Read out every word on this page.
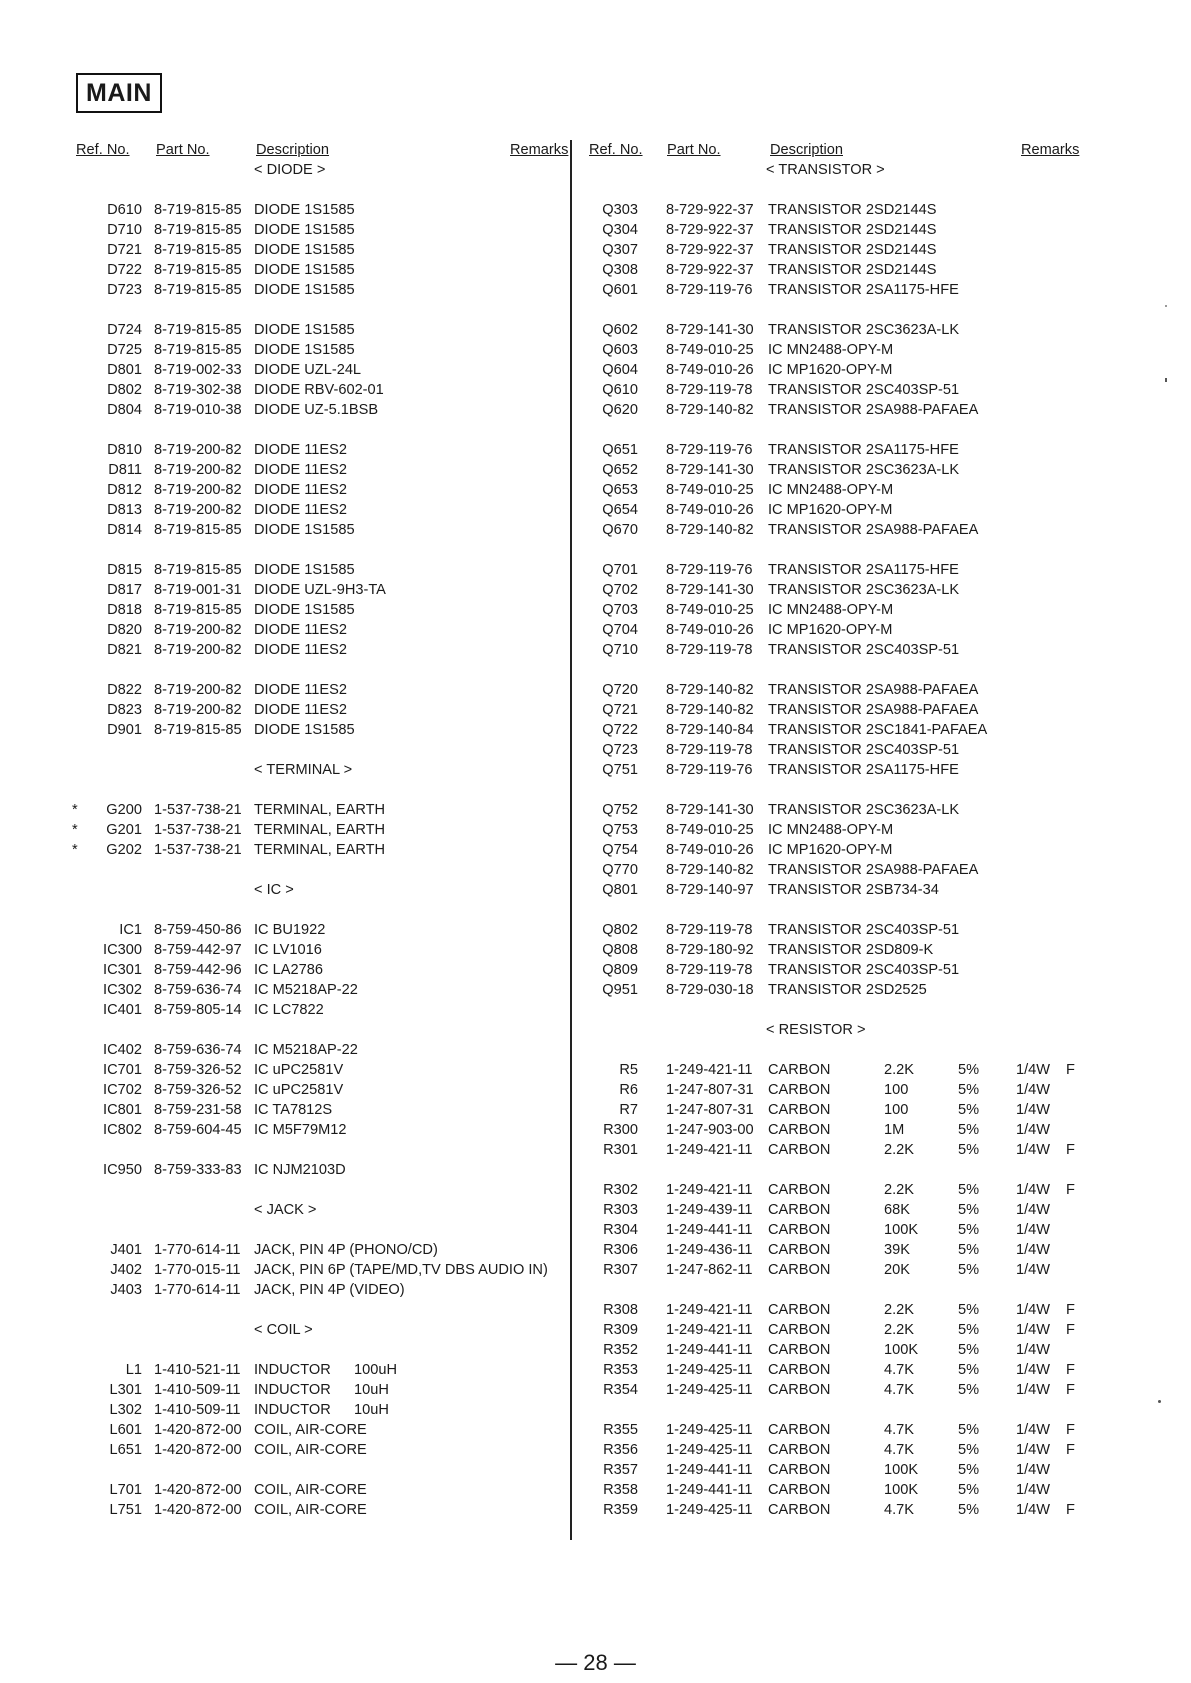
MAIN
Ref. No. Part No.	Description	Remarks
< DIODE >
D610 8-719-815-85 DIODE 1S1585
D710 8-719-815-85 DIODE 1S1585
D721 8-719-815-85 DIODE 1S1585
D722 8-719-815-85 DIODE 1S1585
D723 8-719-815-85 DIODE 1S1585
D724 8-719-815-85 DIODE 1S1585
D725 8-719-815-85 DIODE 1S1585
D801 8-719-002-33 DIODE UZL-24L
D802 8-719-302-38 DIODE RBV-602-01
D804 8-719-010-38 DIODE UZ-5.1BSB
D810 8-719-200-82 DIODE 11ES2
D811 8-719-200-82 DIODE 11ES2
D812 8-719-200-82 DIODE 11ES2
D813 8-719-200-82 DIODE 11ES2
D814 8-719-815-85 DIODE 1S1585
D815 8-719-815-85 DIODE 1S1585
D817 8-719-001-31 DIODE UZL-9H3-TA
D818 8-719-815-85 DIODE 1S1585
D820 8-719-200-82 DIODE 11ES2
D821 8-719-200-82 DIODE 11ES2
D822 8-719-200-82 DIODE 11ES2
D823 8-719-200-82 DIODE 11ES2
D901 8-719-815-85 DIODE 1S1585
< TERMINAL >
*	G200 1-537-738-21 TERMINAL, EARTH
*	G201 1-537-738-21 TERMINAL, EARTH
*	G202 1-537-738-21 TERMINAL, EARTH
< IC >
IC1 8-759-450-86 IC BU1922
IC300 8-759-442-97 IC LV1016
IC301 8-759-442-96 IC LA2786
IC302 8-759-636-74 IC M5218AP-22
IC401 8-759-805-14 IC LC7822
IC402 8-759-636-74 IC M5218AP-22
IC701 8-759-326-52 IC uPC2581V
IC702 8-759-326-52 IC uPC2581V
IC801 8-759-231-58 IC TA7812S
IC802 8-759-604-45 IC M5F79M12
IC950 8-759-333-83 IC NJM2103D
< JACK >
J401 1-770-614-11 JACK, PIN 4P (PHONO/CD)
J402 1-770-015-11 JACK, PIN 6P (TAPE/MD,TV DBS AUDIO IN)
J403 1-770-614-11 JACK, PIN 4P (VIDEO)
< COIL >
L1 1-410-521-11 INDUCTOR 100uH
L301 1-410-509-11 INDUCTOR 10uH
L302 1-410-509-11 INDUCTOR 10uH
L601 1-420-872-00 COIL, AIR-CORE
L651 1-420-872-00 COIL, AIR-CORE
L701 1-420-872-00 COIL, AIR-CORE
L751 1-420-872-00 COIL, AIR-CORE
Ref. No. Part No.	Description	Remarks
< TRANSISTOR >
Q303 8-729-922-37 TRANSISTOR 2SD2144S
Q304 8-729-922-37 TRANSISTOR 2SD2144S
Q307 8-729-922-37 TRANSISTOR 2SD2144S
Q308 8-729-922-37 TRANSISTOR 2SD2144S
Q601 8-729-119-76 TRANSISTOR 2SA1175-HFE
Q602 8-729-141-30 TRANSISTOR 2SC3623A-LK
Q603 8-749-010-25 IC MN2488-OPY-M
Q604 8-749-010-26 IC MP1620-OPY-M
Q610 8-729-119-78 TRANSISTOR 2SC403SP-51
Q620 8-729-140-82 TRANSISTOR 2SA988-PAFAEA
Q651 8-729-119-76 TRANSISTOR 2SA1175-HFE
Q652 8-729-141-30 TRANSISTOR 2SC3623A-LK
Q653 8-749-010-25 IC MN2488-OPY-M
Q654 8-749-010-26 IC MP1620-OPY-M
Q670 8-729-140-82 TRANSISTOR 2SA988-PAFAEA
Q701 8-729-119-76 TRANSISTOR 2SA1175-HFE
Q702 8-729-141-30 TRANSISTOR 2SC3623A-LK
Q703 8-749-010-25 IC MN2488-OPY-M
Q704 8-749-010-26 IC MP1620-OPY-M
Q710 8-729-119-78 TRANSISTOR 2SC403SP-51
Q720 8-729-140-82 TRANSISTOR 2SA988-PAFAEA
Q721 8-729-140-82 TRANSISTOR 2SA988-PAFAEA
Q722 8-729-140-84 TRANSISTOR 2SC1841-PAFAEA
Q723 8-729-119-78 TRANSISTOR 2SC403SP-51
Q751 8-729-119-76 TRANSISTOR 2SA1175-HFE
Q752 8-729-141-30 TRANSISTOR 2SC3623A-LK
Q753 8-749-010-25 IC MN2488-OPY-M
Q754 8-749-010-26 IC MP1620-OPY-M
Q770 8-729-140-82 TRANSISTOR 2SA988-PAFAEA
Q801 8-729-140-97 TRANSISTOR 2SB734-34
Q802 8-729-119-78 TRANSISTOR 2SC403SP-51
Q808 8-729-180-92 TRANSISTOR 2SD809-K
Q809 8-729-119-78 TRANSISTOR 2SC403SP-51
Q951 8-729-030-18 TRANSISTOR 2SD2525
< RESISTOR >
R5 1-249-421-11 CARBON	2.2K	5%	1/4W F
R6 1-247-807-31 CARBON	100	5%	1/4W
R7 1-247-807-31 CARBON	100	5%	1/4W
R300 1-247-903-00 CARBON	1M	5%	1/4W
R301 1-249-421-11 CARBON	2.2K	5%	1/4W F
R302 1-249-421-11 CARBON	2.2K	5%	1/4W F
R303 1-249-439-11 CARBON	68K	5%	1/4W
R304 1-249-441-11 CARBON	100K	5%	1/4W
R306 1-249-436-11 CARBON	39K	5%	1/4W
R307 1-247-862-11 CARBON	20K	5%	1/4W
R308 1-249-421-11 CARBON	2.2K	5%	1/4W F
R309 1-249-421-11 CARBON	2.2K	5%	1/4W F
R352 1-249-441-11 CARBON	100K	5%	1/4W
R353 1-249-425-11 CARBON	4.7K	5%	1/4W F
R354 1-249-425-11 CARBON	4.7K	5%	1/4W F
R355 1-249-425-11 CARBON	4.7K	5%	1/4W F
R356 1-249-425-11 CARBON	4.7K	5%	1/4W F
R357 1-249-441-11 CARBON	100K	5%	1/4W
R358 1-249-441-11 CARBON	100K	5%	1/4W
R359 1-249-425-11 CARBON	4.7K	5%	1/4W F
— 28 —
